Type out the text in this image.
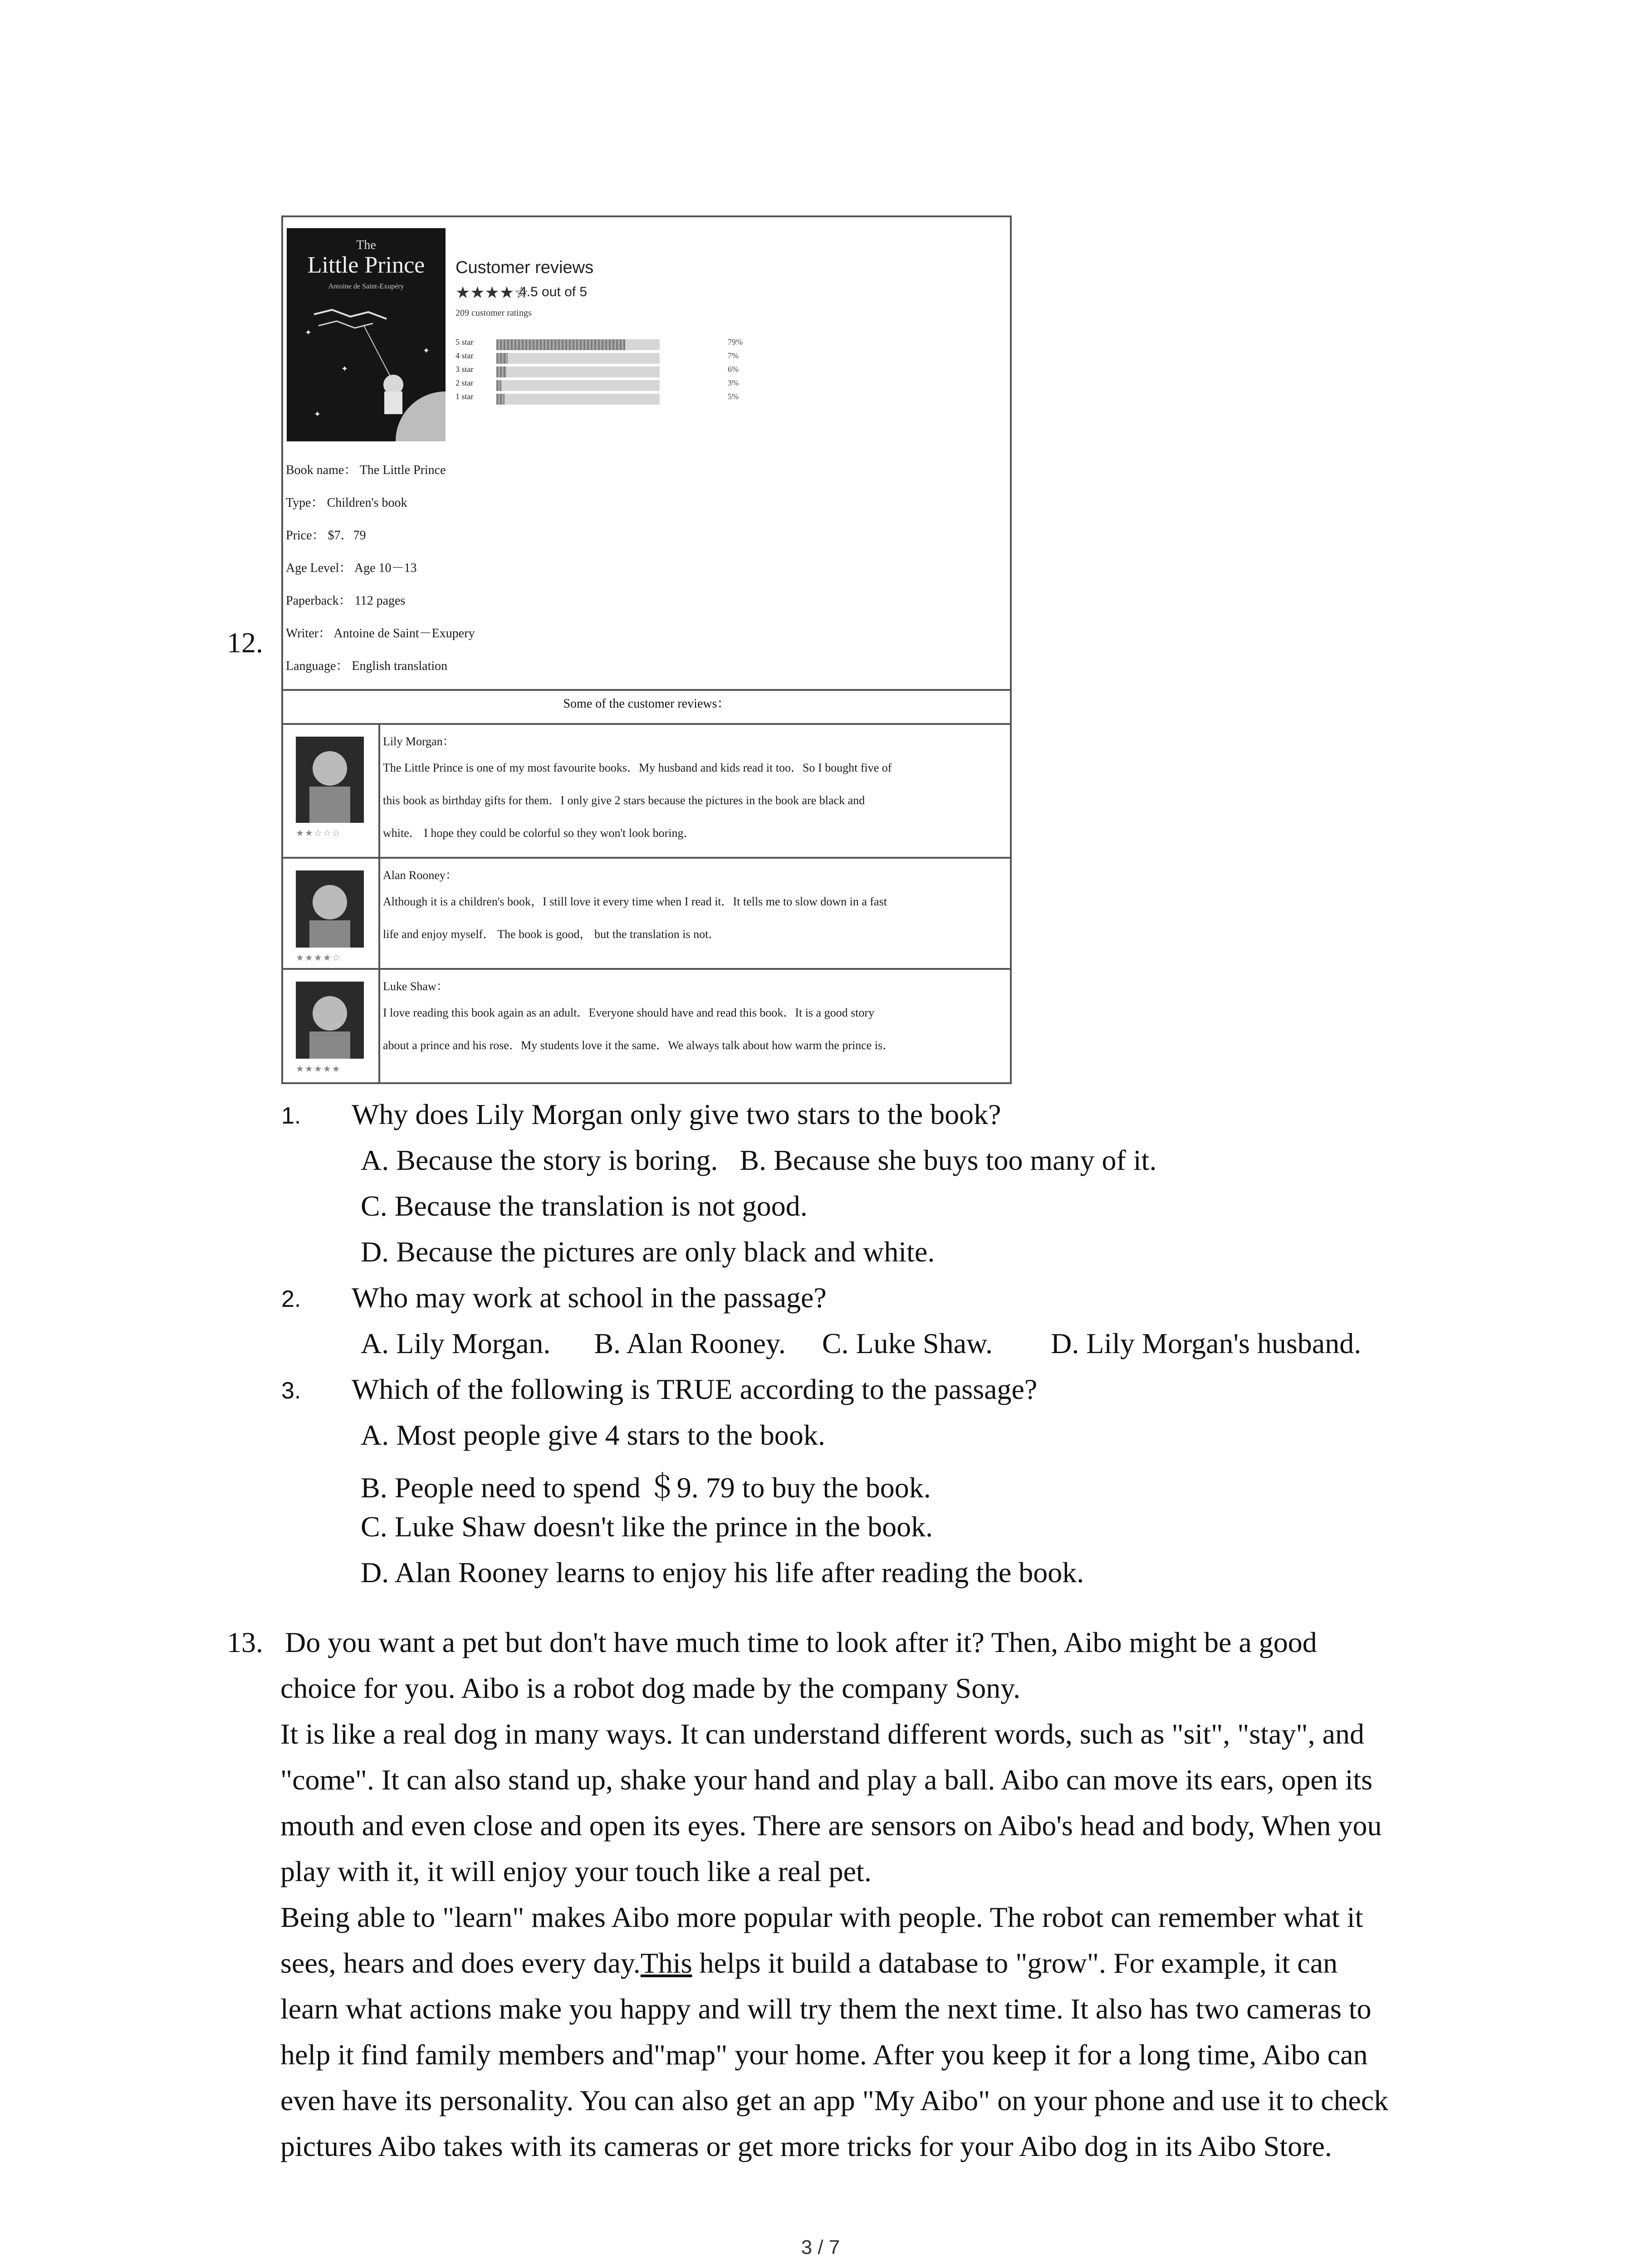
12.
The
Little Prince
Antoine de Saint-Exupéry
✦
✦
✦
✦
Customer reviews
★★★★☆
4.5 out of 5
209 customer ratings
5 star	79%
4 star	7%
3 star	6%
2 star	3%
1 star	5%
Book name： The Little Prince
Type： Children's book
Price： $7．79
Age Level： Age 10－13
Paperback： 112 pages
Writer： Antoine de Saint－Exupery
Language： English translation
Some of the customer reviews：
★★☆☆☆
Lily Morgan：
The Little Prince is one of my most favourite books．My husband and kids read it too．So I bought five of
this book as birthday gifts for them．I only give 2 stars because the pictures in the book are black and
white． I hope they could be colorful so they won't look boring．
★★★★☆
Alan Rooney：
Although it is a children's book，I still love it every time when I read it．It tells me to slow down in a fast
life and enjoy myself． The book is good， but the translation is not．
★★★★★
Luke Shaw：
I love reading this book again as an adult．Everyone should have and read this book．It is a good story
about a prince and his rose．My students love it the same．We always talk about how warm the prince is．
1. Why does Lily Morgan only give two stars to the book?
A. Because the story is boring.   B. Because she buys too many of it.
C. Because the translation is not good.
D. Because the pictures are only black and white.
2. Who may work at school in the passage?
A. Lily Morgan.      B. Alan Rooney.     C. Luke Shaw.        D. Lily Morgan's husband.
3. Which of the following is TRUE according to the passage?
A. Most people give 4 stars to the book.
B. People need to spend ＄9. 79 to buy the book.
C. Luke Shaw doesn't like the prince in the book.
D. Alan Rooney learns to enjoy his life after reading the book.
13. Do you want a pet but don't have much time to look after it? Then, Aibo might be a good
choice for you. Aibo is a robot dog made by the company Sony.
It is like a real dog in many ways. It can understand different words, such as "sit", "stay", and
"come". It can also stand up, shake your hand and play a ball. Aibo can move its ears, open its
mouth and even close and open its eyes. There are sensors on Aibo's head and body, When you
play with it, it will enjoy your touch like a real pet.
Being able to "learn" makes Aibo more popular with people. The robot can remember what it
sees, hears and does every day.This helps it build a database to "grow". For example, it can
learn what actions make you happy and will try them the next time. It also has two cameras to
help it find family members and"map" your home. After you keep it for a long time, Aibo can
even have its personality. You can also get an app "My Aibo" on your phone and use it to check
pictures Aibo takes with its cameras or get more tricks for your Aibo dog in its Aibo Store.
3 / 7
